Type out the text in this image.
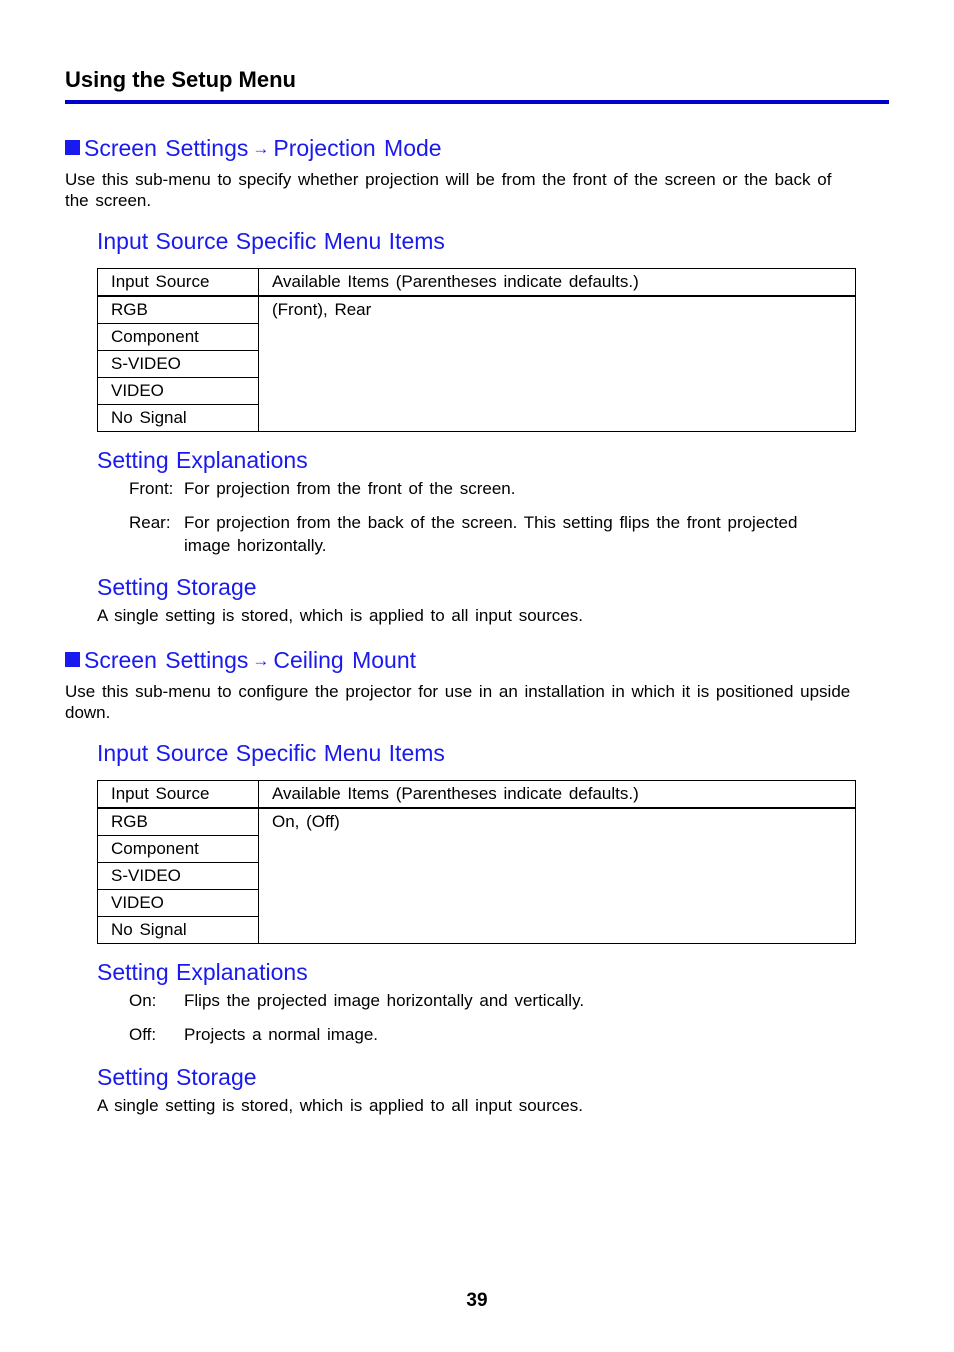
Using the Setup Menu
Screen Settings → Projection Mode
Use this sub-menu to specify whether projection will be from the front of the screen or the back of the screen.
Input Source Specific Menu Items
Input Source	Available Items (Parentheses indicate defaults.)
RGB	(Front), Rear
Component	
S-VIDEO	
VIDEO	
No Signal	
Setting Explanations
Front: For projection from the front of the screen.
Rear: For projection from the back of the screen. This setting flips the front projected image horizontally.
Setting Storage
A single setting is stored, which is applied to all input sources.
Screen Settings → Ceiling Mount
Use this sub-menu to configure the projector for use in an installation in which it is positioned upside down.
Input Source Specific Menu Items
Input Source	Available Items (Parentheses indicate defaults.)
RGB	On, (Off)
Component	
S-VIDEO	
VIDEO	
No Signal	
Setting Explanations
On: Flips the projected image horizontally and vertically.
Off: Projects a normal image.
Setting Storage
A single setting is stored, which is applied to all input sources.
39
